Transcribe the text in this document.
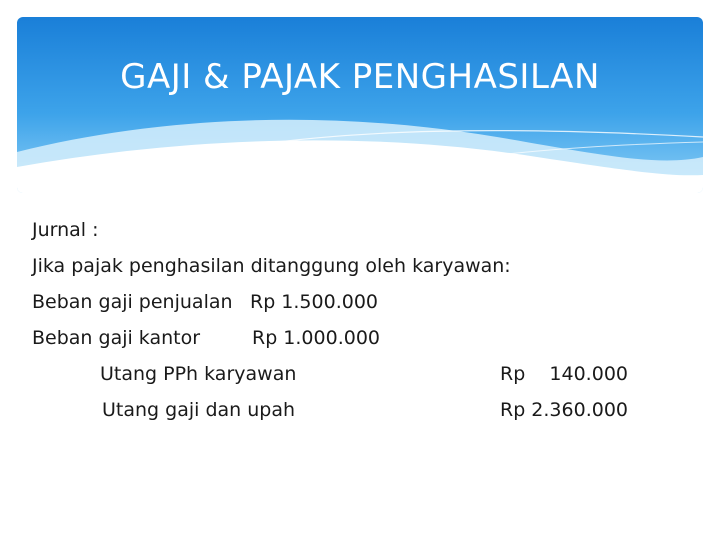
GAJI & PAJAK PENGHASILAN
Jurnal :
Jika pajak penghasilan ditanggung oleh karyawan:
Beban gaji penjualan Rp 1.500.000
Beban gaji kantor	Rp 1.000.000
Utang PPh karyawan	Rp    140.000
Utang gaji dan upah	Rp 2.360.000
